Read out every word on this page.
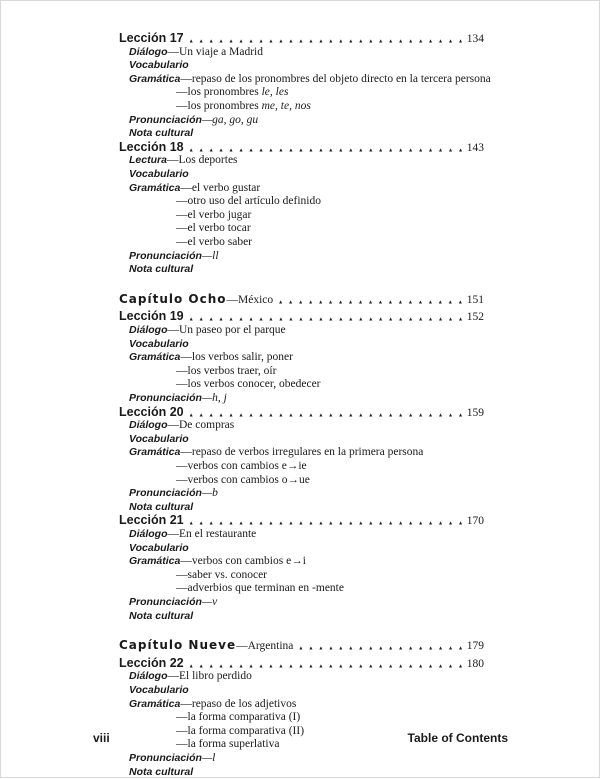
Lección 17 ▲▲▲▲▲▲▲▲▲▲▲▲▲▲▲▲▲▲▲▲▲▲▲▲▲▲▲▲▲▲▲▲▲▲▲▲▲▲▲▲▲▲▲▲▲▲▲▲▲▲▲▲▲▲▲▲▲▲▲▲	134
Diálogo—Un viaje a Madrid
Vocabulario
Gramática—repaso de los pronombres del objeto directo en la tercera persona
—los pronombres le, les
—los pronombres me, te, nos
Pronunciación—ga, go, gu
Nota cultural
Lección 18 ▲▲▲▲▲▲▲▲▲▲▲▲▲▲▲▲▲▲▲▲▲▲▲▲▲▲▲▲▲▲▲▲▲▲▲▲▲▲▲▲▲▲▲▲▲▲▲▲▲▲▲▲▲▲▲▲▲▲▲▲	143
Lectura—Los deportes
Vocabulario
Gramática—el verbo gustar
—otro uso del artículo definido
—el verbo jugar
—el verbo tocar
—el verbo saber
Pronunciación—ll
Nota cultural
Capítulo Ocho —México ▲▲▲▲▲▲▲▲▲▲▲▲▲▲▲▲▲▲▲▲▲▲▲▲▲▲▲▲▲▲▲▲▲▲▲▲▲▲▲▲▲▲▲▲▲▲▲▲▲▲▲▲▲▲▲▲▲▲▲▲	151
Lección 19 ▲▲▲▲▲▲▲▲▲▲▲▲▲▲▲▲▲▲▲▲▲▲▲▲▲▲▲▲▲▲▲▲▲▲▲▲▲▲▲▲▲▲▲▲▲▲▲▲▲▲▲▲▲▲▲▲▲▲▲▲	152
Diálogo—Un paseo por el parque
Vocabulario
Gramática—los verbos salir, poner
—los verbos traer, oír
—los verbos conocer, obedecer
Pronunciación—h, j
Lección 20 ▲▲▲▲▲▲▲▲▲▲▲▲▲▲▲▲▲▲▲▲▲▲▲▲▲▲▲▲▲▲▲▲▲▲▲▲▲▲▲▲▲▲▲▲▲▲▲▲▲▲▲▲▲▲▲▲▲▲▲▲	159
Diálogo—De compras
Vocabulario
Gramática—repaso de verbos irregulares en la primera persona
—verbos con cambios e→ie
—verbos con cambios o→ue
Pronunciación—b
Nota cultural
Lección 21 ▲▲▲▲▲▲▲▲▲▲▲▲▲▲▲▲▲▲▲▲▲▲▲▲▲▲▲▲▲▲▲▲▲▲▲▲▲▲▲▲▲▲▲▲▲▲▲▲▲▲▲▲▲▲▲▲▲▲▲▲	170
Diálogo—En el restaurante
Vocabulario
Gramática—verbos con cambios e→i
—saber vs. conocer
—adverbios que terminan en -mente
Pronunciación—v
Nota cultural
Capítulo Nueve —Argentina ▲▲▲▲▲▲▲▲▲▲▲▲▲▲▲▲▲▲▲▲▲▲▲▲▲▲▲▲▲▲▲▲▲▲▲▲▲▲▲▲▲▲▲▲▲▲▲▲▲▲▲▲▲▲▲▲▲▲▲▲	179
Lección 22 ▲▲▲▲▲▲▲▲▲▲▲▲▲▲▲▲▲▲▲▲▲▲▲▲▲▲▲▲▲▲▲▲▲▲▲▲▲▲▲▲▲▲▲▲▲▲▲▲▲▲▲▲▲▲▲▲▲▲▲▲	180
Diálogo—El libro perdido
Vocabulario
Gramática—repaso de los adjetivos
—la forma comparativa (I)
—la forma comparativa (II)
—la forma superlativa
Pronunciación—l
Nota cultural
viii	Table of Contents
